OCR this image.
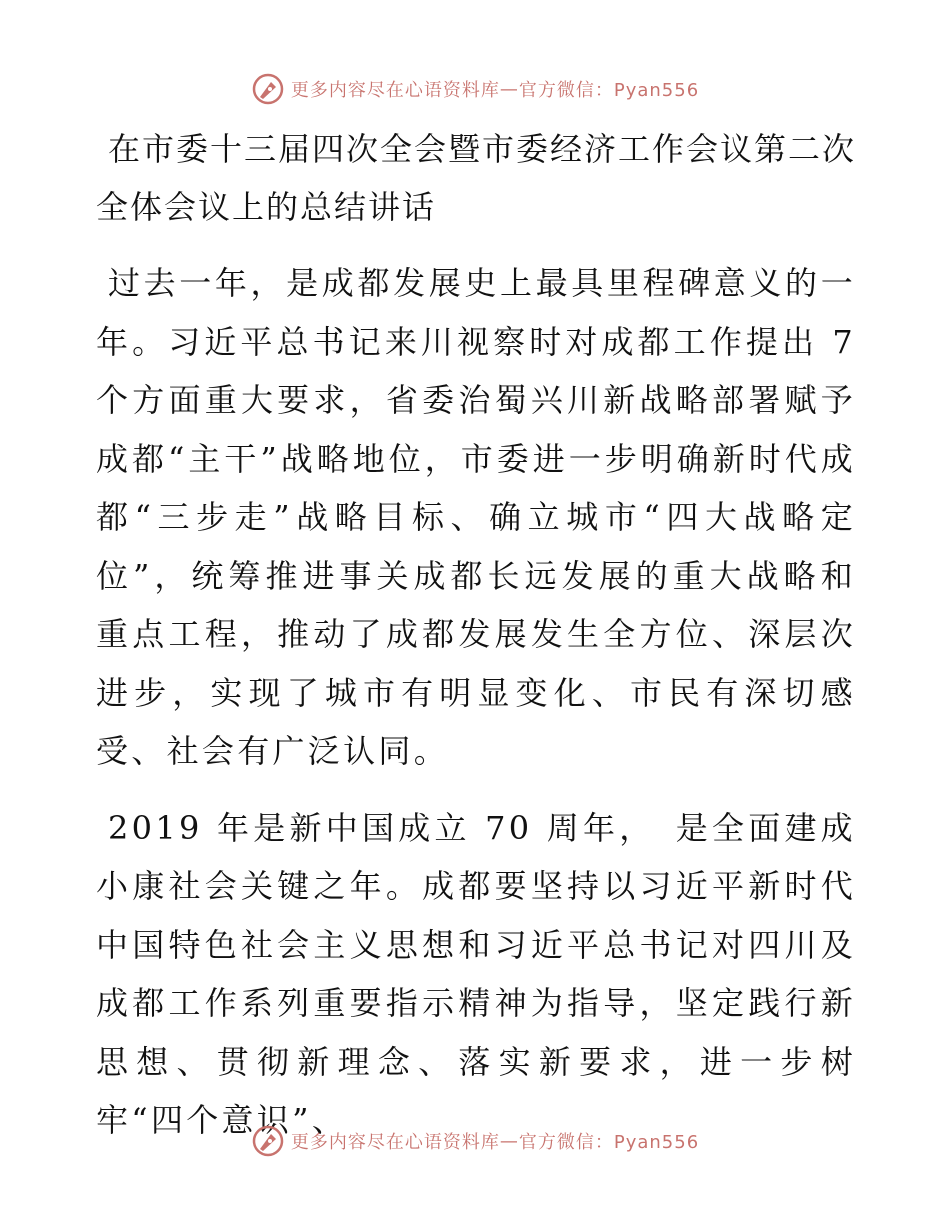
更多内容尽在心语资料库 — 官方微信：Pyan556
在市委十三届四次全会暨市委经济工作会议第二次全体会议上的总结讲话

过去一年，是成都发展史上最具里程碑意义的一年。习近平总书记来川视察时对成都工作提出 7 个方面重大要求，省委治蜀兴川新战略部署赋予成都“主干”战略地位，市委进一步明确新时代成都“三步走”战略目标、确立城市“四大战略定位”，统筹推进事关成都长远发展的重大战略和重点工程，推动了成都发展发生全方位、深层次进步，实现了城市有明显变化、市民有深切感受、社会有广泛认同。

2019 年是新中国成立 70 周年，　是全面建成小康社会关键之年。成都要坚持以习近平新时代中国特色社会主义思想和习近平总书记对四川及成都工作系列重要指示精神为指导，坚定践行新思想、贯彻新理念、落实新要求，进一步树牢“四个意识”、

更多内容尽在心语资料库 — 官方微信：Pyan556
